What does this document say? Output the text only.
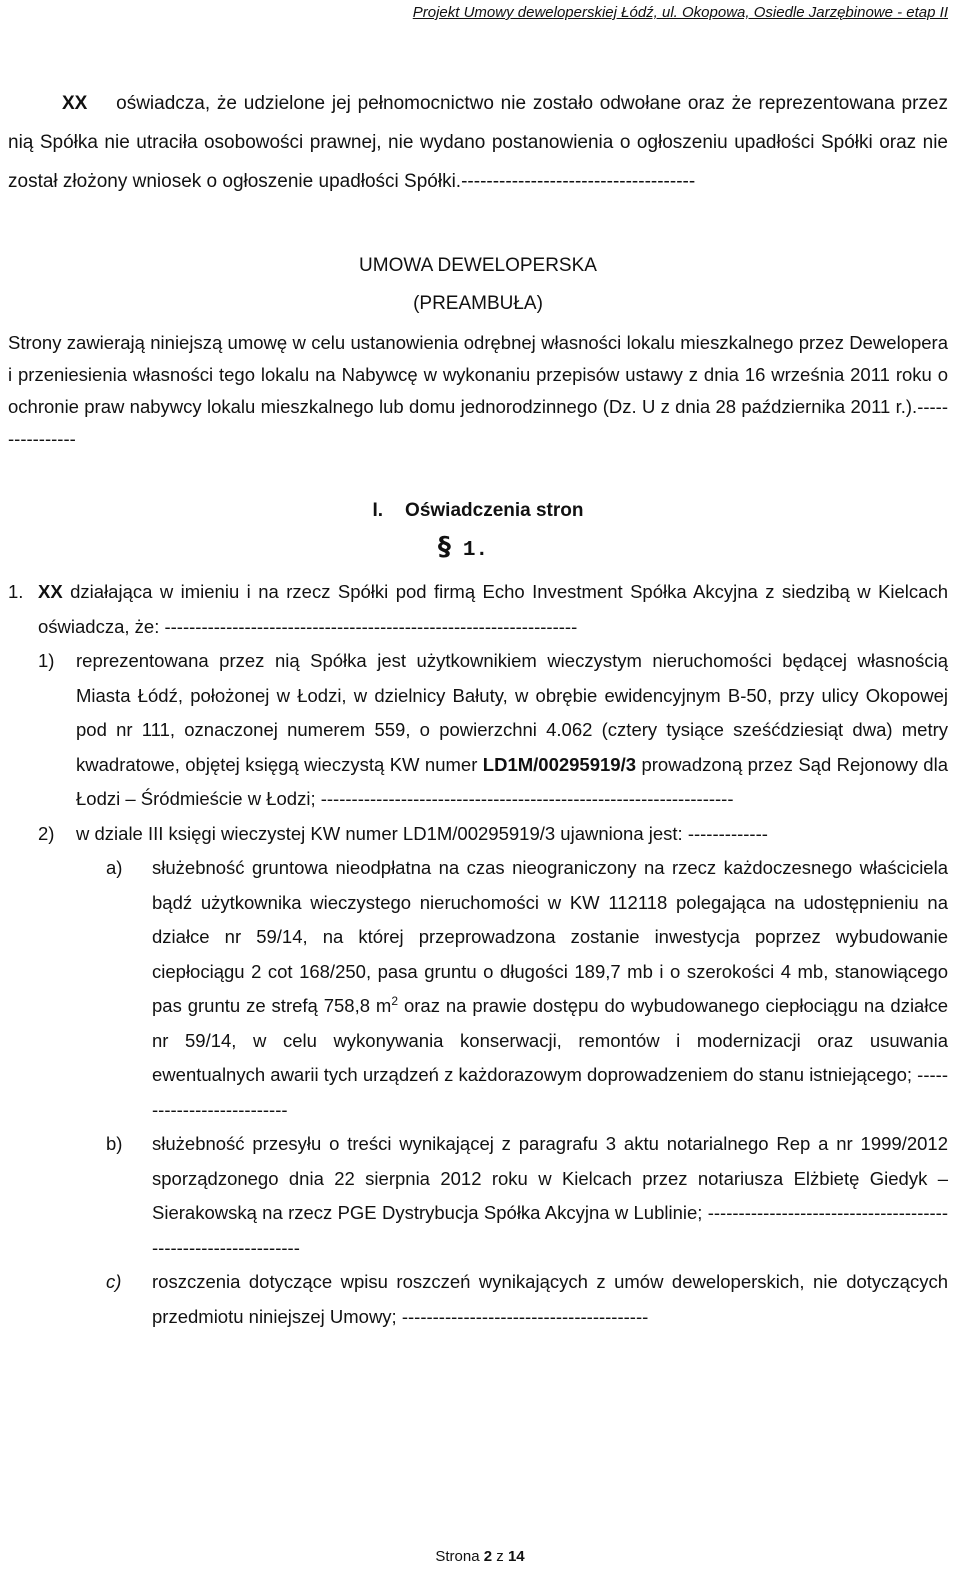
Projekt Umowy deweloperskiej Łódź, ul. Okopowa, Osiedle Jarzębinowe - etap II
XX oświadcza, że udzielone jej pełnomocnictwo nie zostało odwołane oraz że reprezentowana przez nią Spółka nie utraciła osobowości prawnej, nie wydano postanowienia o ogłoszeniu upadłości Spółki oraz nie został złożony wniosek o ogłoszenie upadłości Spółki.-------------------------------------
UMOWA DEWELOPERSKA
(PREAMBUŁA)
Strony zawierają niniejszą umowę w celu ustanowienia odrębnej własności lokalu mieszkalnego przez Dewelopera i przeniesienia własności tego lokalu na Nabywcę w wykonaniu przepisów ustawy z dnia 16 września 2011 roku o ochronie praw nabywcy lokalu mieszkalnego lub domu jednorodzinnego (Dz. U z dnia 28 października 2011 r.).----------------
I. Oświadczenia stron
§ 1.
1. XX działająca w imieniu i na rzecz Spółki pod firmą Echo Investment Spółka Akcyjna z siedzibą w Kielcach oświadcza, że: -------------------------------------------------------------------
1)	reprezentowana przez nią Spółka jest użytkownikiem wieczystym nieruchomości będącej własnością Miasta Łódź, położonej w Łodzi, w dzielnicy Bałuty, w obrębie ewidencyjnym B-50, przy ulicy Okopowej pod nr 111, oznaczonej numerem 559, o powierzchni 4.062 (cztery tysiące sześćdziesiąt dwa) metry kwadratowe, objętej księgą wieczystą KW numer LD1M/00295919/3 prowadzoną przez Sąd Rejonowy dla Łodzi – Śródmieście w Łodzi; -------------------------------------------------------------------
2)	w dziale III księgi wieczystej KW numer LD1M/00295919/3 ujawniona jest: -------------
a)	służebność gruntowa nieodpłatna na czas nieograniczony na rzecz każdoczesnego właściciela bądź użytkownika wieczystego nieruchomości w KW 112118 polegająca na udostępnieniu na działce nr 59/14, na której przeprowadzona zostanie inwestycja poprzez wybudowanie ciepłociągu 2 cot 168/250, pasa gruntu o długości 189,7 mb i o szerokości 4 mb, stanowiącego pas gruntu ze strefą 758,8 $m^2$ oraz na prawie dostępu do wybudowanego ciepłociągu na działce nr 59/14, w celu wykonywania konserwacji, remontów i modernizacji oraz usuwania ewentualnych awarii tych urządzeń z każdorazowym doprowadzeniem do stanu istniejącego; ---------------------------
b)	służebność przesyłu o treści wynikającej z paragrafu 3 aktu notarialnego Rep a nr 1999/2012 sporządzonego dnia 22 sierpnia 2012 roku w Kielcach przez notariusza Elżbietę Giedyk – Sierakowską na rzecz PGE Dystrybucja Spółka Akcyjna w Lublinie; ---------------------------------------------------------------
c)	roszczenia dotyczące wpisu roszczeń wynikających z umów deweloperskich, nie dotyczących przedmiotu niniejszej Umowy; ----------------------------------------
Strona 2 z 14
